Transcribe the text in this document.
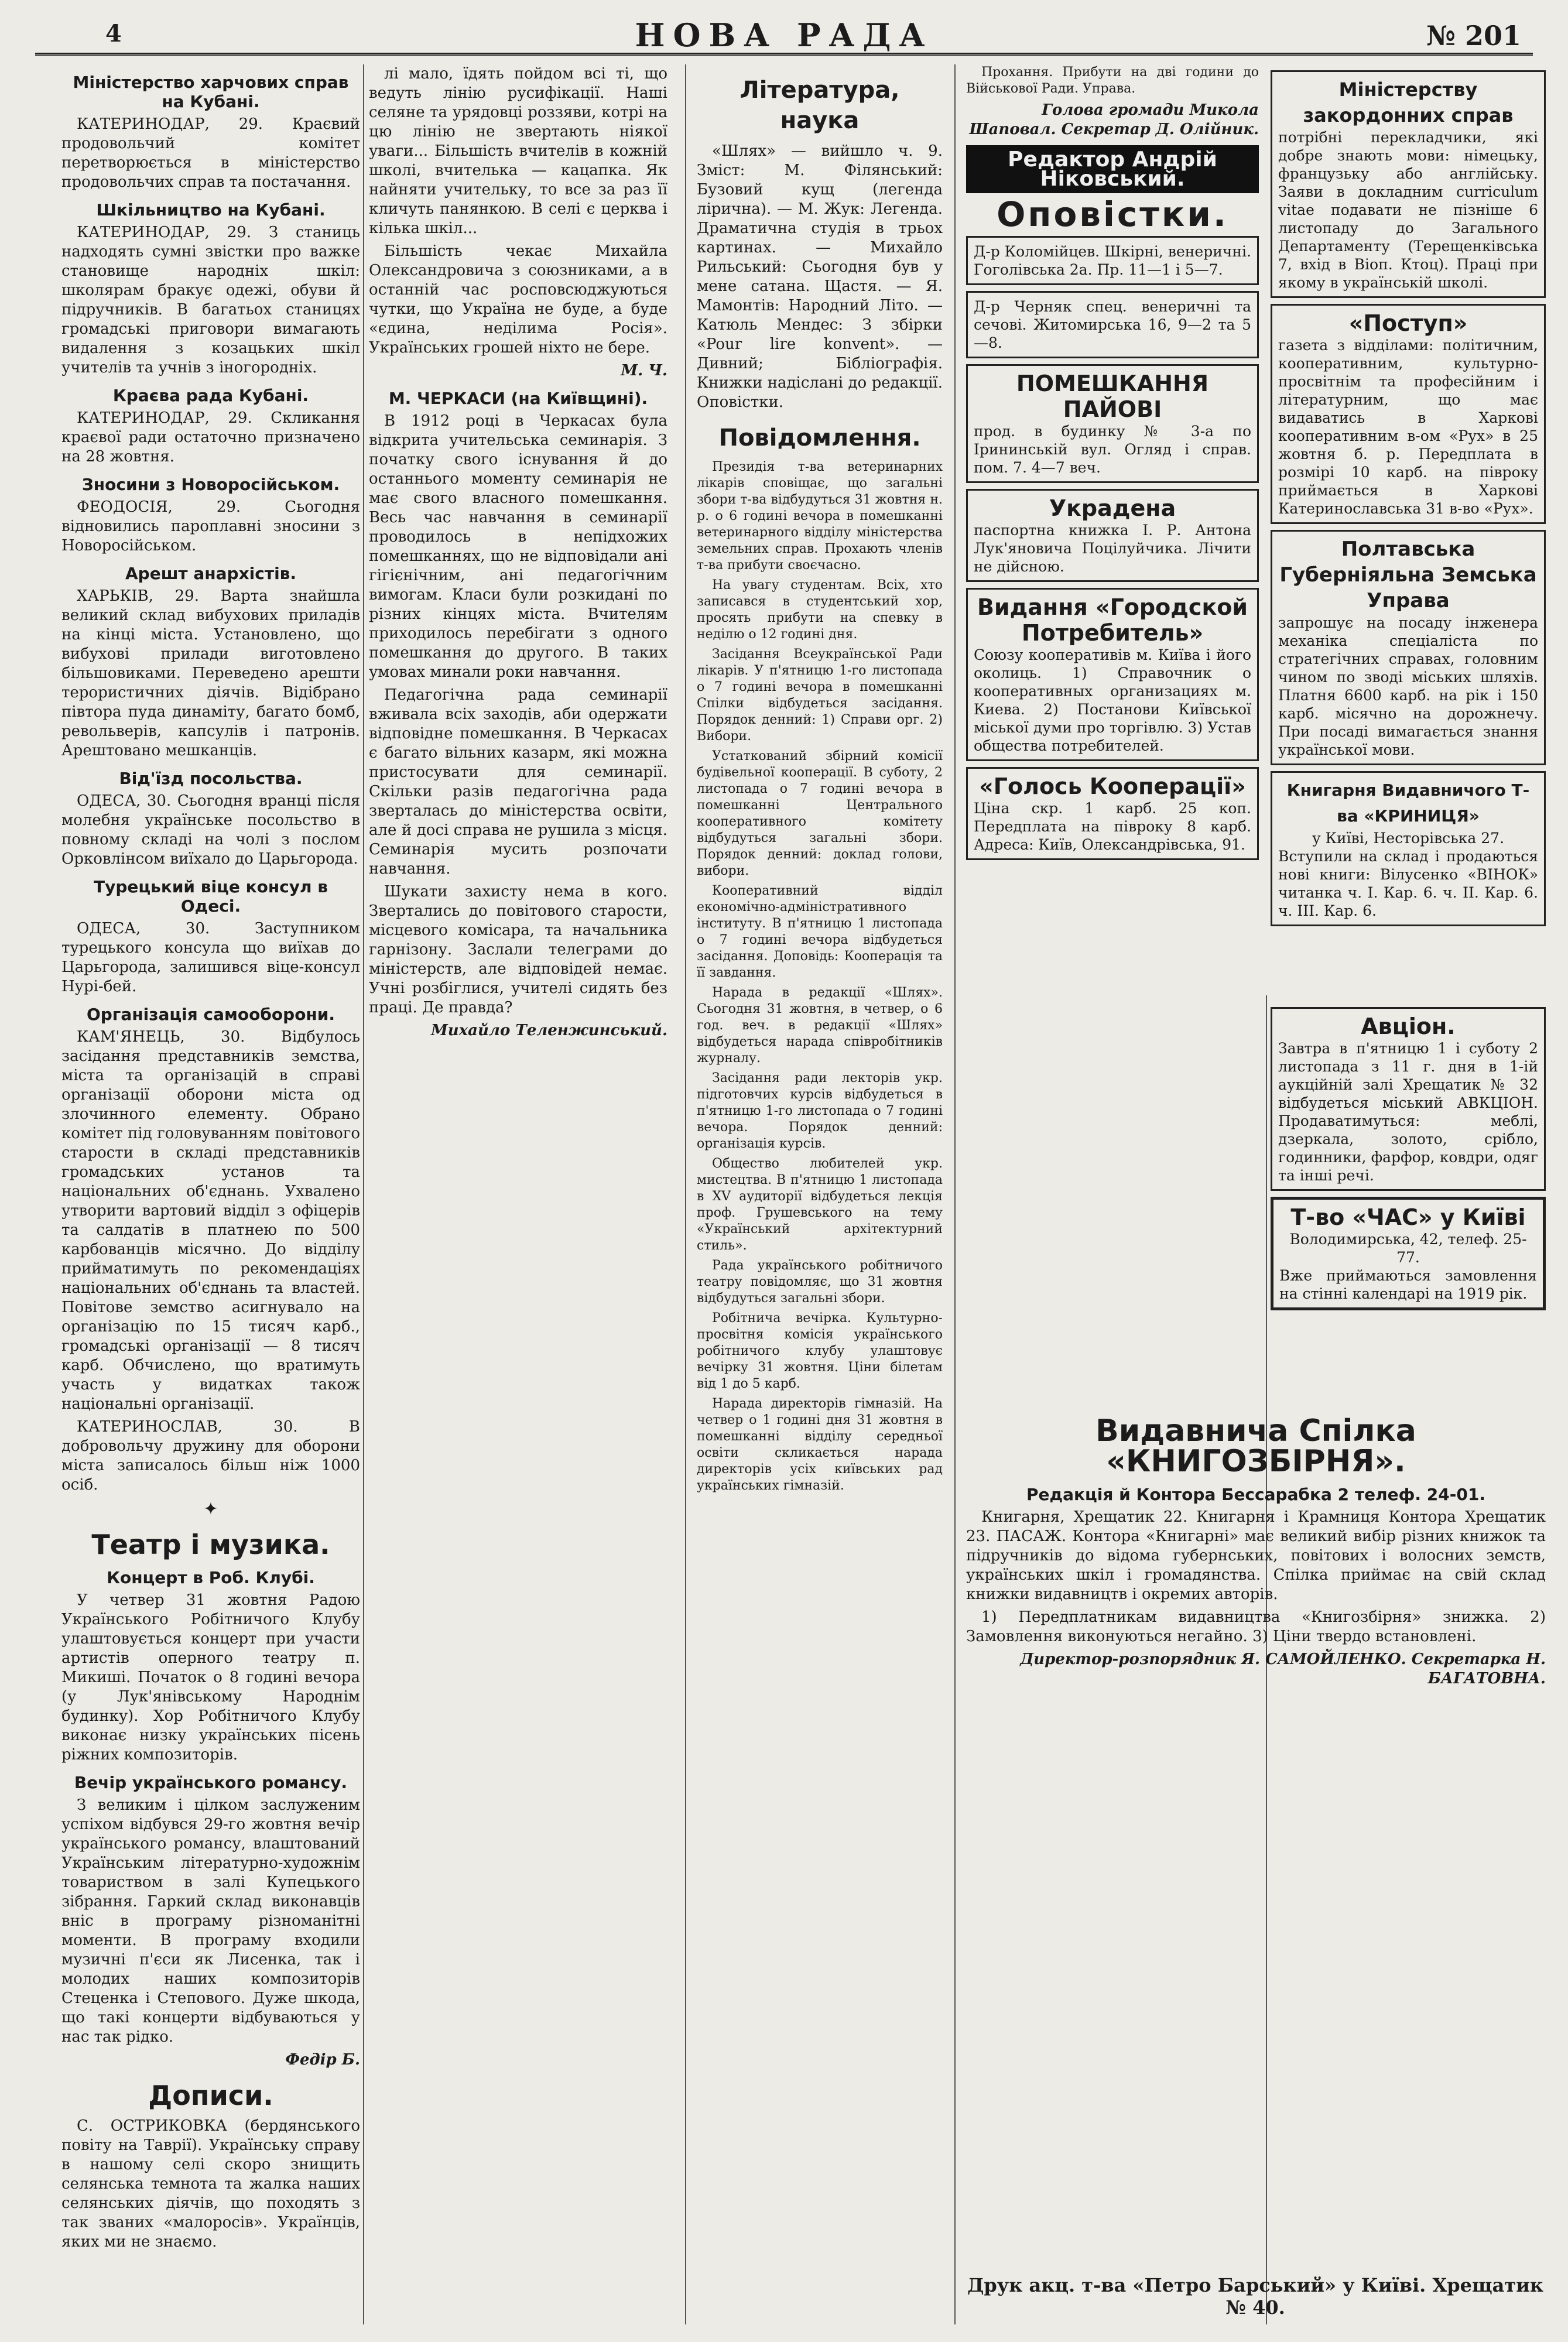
4	НОВА РАДА	№ 201
Міністерство харчових справ на Кубані.

КАТЕРИНОДАР, 29. Краєвий продовольчий комітет перетворюється в міністерство продовольчих справ та постачання.

Шкільництво на Кубані.

КАТЕРИНОДАР, 29. З станиць надходять сумні звістки про важке становище народніх шкіл: школярам бракує одежі, обуви й підручників. В багатьох станицях громадські приговори вимагають видалення з козацьких шкіл учителів та учнів з іногородніх.

Краєва рада Кубані.

КАТЕРИНОДАР, 29. Скликання краєвої ради остаточно призначено на 28 жовтня.

Зносини з Новоросійськом.

ФЕОДОСІЯ, 29. Сьогодня відновились пароплавні зносини з Новоросійськом.

Арешт анархістів.

ХАРЬКІВ, 29. Варта знайшла великий склад вибухових приладів на кінці міста. Установлено, що вибухові прилади виготовлено більшовиками. Переведено арешти терористичних діячів. Відібрано півтора пуда динаміту, багато бомб, револьверів, капсулів і патронів. Арештовано мешканців.

Від'їзд посольства.

ОДЕСА, 30. Сьогодня вранці після молебня українське посольство в повному складі на чолі з послом Орковлінсом виїхало до Царьгорода.

Турецький віце консул в Одесі.

ОДЕСА, 30. Заступником турецького консула що виїхав до Царьгорода, залишився віце-консул Нурі-бей.

Організація самооборони.

КАМ'ЯНЕЦЬ, 30. Відбулось засідання представників земства, міста та організацій в справі організації оборони міста од злочинного елементу. Обрано комітет під головуванням повітового старости в складі представників громадських установ та національних об'єднань. Ухвалено утворити вартовий відділ з офіцерів та салдатів в платнею по 500 карбованців місячно. До відділу прийматимуть по рекомендаціях національних об'єднань та властей. Повітове земство асигнувало на організацію по 15 тисяч карб., громадські організації — 8 тисяч карб. Обчислено, що вратимуть участь у видатках також національні організації.

КАТЕРИНОСЛАВ, 30. В добровольчу дружину для оборони міста записалось більш ніж 1000 осіб.

✦
Театр і музика.
Концерт в Роб. Клубі.

У четвер 31 жовтня Радою Українського Робітничого Клубу улаштовується концерт при участи артистів оперного театру п. Микиші. Початок о 8 годині вечора (у Лук'янівському Народнім будинку). Хор Робітничого Клубу виконає низку українських пісень ріжних композиторів.

Вечір українського романсу.

З великим і цілком заслуженим успіхом відбувся 29-го жовтня вечір українського романсу, влаштований Українським літературно-художнім товариством в залі Купецького зібрання. Гаркий склад виконавців вніс в програму різноманітні моменти. В програму входили музичні п'єси як Лисенка, так і молодих наших композиторів Стеценка і Степового. Дуже шкода, що такі концерти відбуваються у нас так рідко.

Федір Б.
Дописи.

С. ОСТРИКОВКА (бердянського повіту на Таврії). Українську справу в нашому селі скоро знищить селянська темнота та жалка наших селянських діячів, що походять з так званих «малоросів». Українців, яких ми не знаємо.

лі мало, їдять пойдом всі ті, що ведуть лінію русифікації. Нашi селяне та урядовці роззяви, котрі на цю лінію не звертають ніякої уваги... Більшість вчителів в кожній школі, вчителька — кацапка. Як найняти учительку, то все за раз її кличуть панянкою. В селі є церква і кілька шкіл...

Більшість чекає Михайла Олександровича з союзниками, а в останній час росповсюджуються чутки, що Україна не буде, а буде «єдина, неділима Росія». Українських грошей ніхто не бере.

М. Ч.
М. ЧЕРКАСИ (на Київщині).

В 1912 році в Черкасах була відкрита учительська семинарія. З початку свого існування й до останнього моменту семинарія не має свого власного помешкання. Весь час навчання в семинарії проводилось в непідхожих помешканнях, що не відповідали ані гігієнічним, ані педагогічним вимогам. Класи були розкидані по різних кінцях міста. Вчителям приходилось перебігати з одного помешкання до другого. В таких умовах минали роки навчання.

Педагогічна рада семинарії вживала всіх заходів, аби одержати відповідне помешкання. В Черкасах є багато вільних казарм, які можна пристосувати для семинарії. Скільки разів педагогічна рада зверталась до міністерства освіти, але й досі справа не рушила з місця. Семинарія мусить розпочати навчання.

Шукати захисту нема в кого. Звертались до повітового старости, місцевого комісара, та начальника гарнізону. Заслали телеграми до міністерств, але відповідей немає. Учні розбіглися, учителі сидять без праці. Де правда?

Михайло Теленжинський.
Література, наука

«Шлях» — вийшло ч. 9. Зміст: М. Філянський: Бузовий кущ (легенда лірична). — М. Жук: Легенда. Драматична студія в трьох картинах. — Михайло Рильський: Сьогодня був у мене сатана. Щастя. — Я. Мамонтів: Народний Літо. — Катюль Мендес: З збірки «Pour lire konvent». — Дивний; Бібліографія. Книжки надіслані до редакції. Оповістки.

Повідомлення.

Президія т-ва ветеринарних лікарів сповіщає, що загальні збори т-ва відбудуться 31 жовтня н. р. о 6 годині вечора в помешканні ветеринарного відділу міністерства земельних справ. Прохають членів т-ва прибути своєчасно.

На увагу студентам. Всіх, хто записався в студентський хор, просять прибути на спевку в неділю о 12 годині дня.

Засідання Всеукраїнської Ради лікарів. У п'ятницю 1-го листопада о 7 годині вечора в помешканні Спілки відбудеться засідання. Порядок денний: 1) Справи орг. 2) Вибори.

Устаткований збірний комісії будівельної кооперації. В суботу, 2 листопада о 7 годині вечора в помешканні Центрального кооперативного комітету відбудуться загальні збори. Порядок денний: доклад голови, вибори.

Кооперативний відділ економічно-адміністративного інституту. В п'ятницю 1 листопада о 7 годині вечора відбудеться засідання. Доповідь: Кооперація та її завдання.

Нарада в редакції «Шлях». Сьогодня 31 жовтня, в четвер, о 6 год. веч. в редакції «Шлях» відбудеться нарада співробітників журналу.

Засідання ради лекторів укр. підготовчих курсів відбудеться в п'ятницю 1-го листопада о 7 годині вечора. Порядок денний: організація курсів.

Общество любителей укр. мистецтва. В п'ятницю 1 листопада в XV аудиторії відбудеться лекція проф. Грушевського на тему «Український архітектурний стиль».

Рада українського робітничого театру повідомляє, що 31 жовтня відбудуться загальні збори.

Робітнича вечірка. Культурно-просвітня комісія українського робітничого клубу улаштовує вечірку 31 жовтня. Ціни білетам від 1 до 5 карб.

Нарада директорів гімназій. На четвер о 1 годині дня 31 жовтня в помешканні відділу середньої освіти скликається нарада директорів усіх київських рад українських гімназій.

Прохання. Прибути на дві години до Військової Ради. Управа.

Голова громади Микола Шаповал. Секретар Д. Олійник.
Редактор Андрій Ніковський.
Оповістки.
Д-р Коломійцев. Шкірні, венеричні. Гоголівська 2а. Пр. 11—1 і 5—7.
Д-р Черняк спец. венеричні та сечові. Житомирська 16, 9—2 та 5—8.
ПОМЕШКАННЯ ПАЙОВІ
прод. в будинку № 3-а по Ірининській вул. Огляд і справ. пом. 7. 4—7 веч.
Украдена
паспортна книжка І. Р. Антона Лук'яновича Поцілуйчика. Лічити не дійсною.
Видання «Городской Потребитель»
Союзу кооперативів м. Київа і його околиць. 1) Справочник о кооперативных организациях м. Киева. 2) Постанови Київської міської думи про торгівлю. 3) Устав общества потребителей.
«Голось Кооперації»
Ціна скр. 1 карб. 25 коп. Передплата на півроку 8 карб. Адреса: Київ, Олександрівська, 91.
Міністерству закордонних справ
потрібні перекладчики, які добре знають мови: німецьку, французьку або англійську. Заяви в докладним curriculum vitae подавати не пізніше 6 листопаду до Загального Департаменту (Терещенківська 7, вхід в Віоп. Ктоц). Праці при якому в українській школі.
«Поступ»
газета з відділами: політичним, кооперативним, культурно-просвітнім та професійним і літературним, що має видаватись в Харкові кооперативним в-ом «Рух» в 25 жовтня б. р. Передплата в розмірі 10 карб. на півроку приймається в Харкові Катеринославська 31 в-во «Рух».
Полтавська Губерніяльна Земська Управа
запрошує на посаду інженера механіка спеціаліста по стратегічних справах, головним чином по зводі міських шляхів. Платня 6600 карб. на рік і 150 карб. місячно на дорожнечу. При посаді вимагається знання української мови.
Книгарня Видавничого Т-ва «КРИНИЦЯ»
у Київі, Несторівська 27.
Вступили на склад і продаються нові книги: Вілусенко «ВІНОК» читанка ч. I. Кар. 6. ч. II. Кар. 6. ч. III. Кар. 6.
Авціон.
Завтра в п'ятницю 1 і суботу 2 листопада з 11 г. дня в 1-ій аукційній залі Хрещатик № 32 відбудеться міський АВКЦІОН. Продаватимуться: меблі, дзеркала, золото, срібло, годинники, фарфор, ковдри, одяг та інші речі.
Т-во «ЧАС» у Київі
Володимирська, 42, телеф. 25-77.
Вже приймаються замовлення на стінні календарі на 1919 рік.
Видавнича Спілка «КНИГОЗБІРНЯ».
Редакція й Контора Бессарабка 2 телеф. 24-01.

Книгарня, Хрещатик 22. Книгарня і Крамниця Контора Хрещатик 23. ПАСАЖ. Контора «Книгарні» має великий вибір різних книжок та підручників до відома губернських, повітових і волосних земств, українських шкіл і громадянства. Спілка приймає на свій склад книжки видавництв і окремих авторів.

1) Передплатникам видавництва «Книгозбірня» знижка. 2) Замовлення виконуються негайно. 3) Ціни твердо встановлені.

Директор-розпорядник Я. САМОЙЛЕНКО. Секретарка Н. БАГАТОВНА.
Друк акц. т-ва «Петро Барський» у Київі. Хрещатик № 40.
